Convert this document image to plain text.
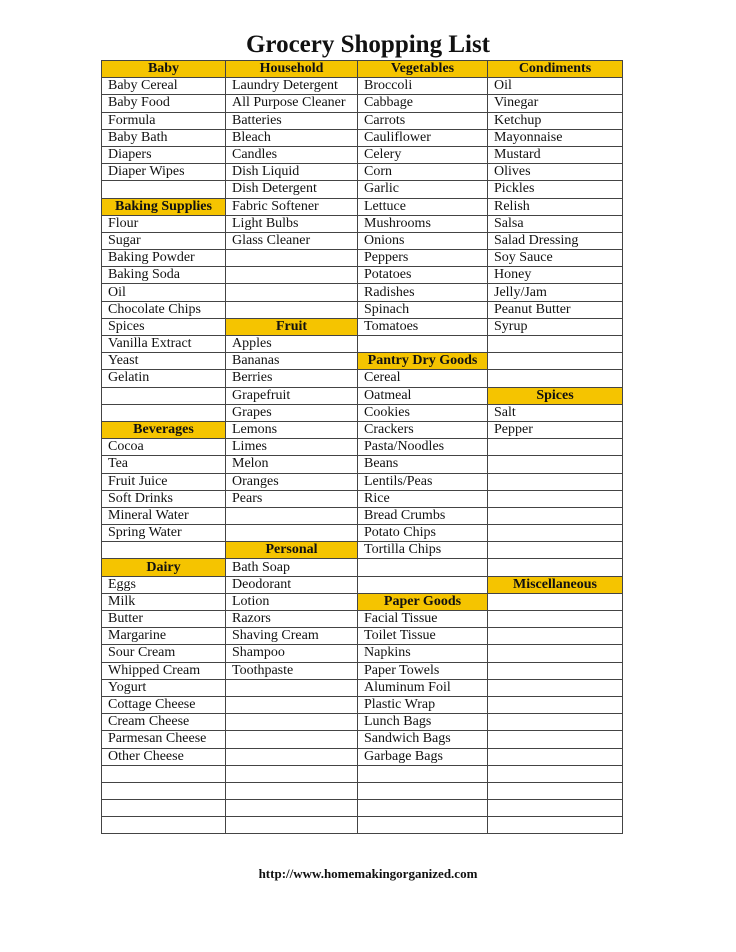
Grocery Shopping List
Baby	Household	Vegetables	Condiments
Baby Cereal	Laundry Detergent	Broccoli	Oil
Baby Food	All Purpose Cleaner	Cabbage	Vinegar
Formula	Batteries	Carrots	Ketchup
Baby Bath	Bleach	Cauliflower	Mayonnaise
Diapers	Candles	Celery	Mustard
Diaper Wipes	Dish Liquid	Corn	Olives
	Dish Detergent	Garlic	Pickles
Baking Supplies	Fabric Softener	Lettuce	Relish
Flour	Light Bulbs	Mushrooms	Salsa
Sugar	Glass Cleaner	Onions	Salad Dressing
Baking Powder		Peppers	Soy Sauce
Baking Soda		Potatoes	Honey
Oil		Radishes	Jelly/Jam
Chocolate Chips		Spinach	Peanut Butter
Spices	Fruit	Tomatoes	Syrup
Vanilla Extract	Apples		
Yeast	Bananas	Pantry Dry Goods	
Gelatin	Berries	Cereal	
	Grapefruit	Oatmeal	Spices
	Grapes	Cookies	Salt
Beverages	Lemons	Crackers	Pepper
Cocoa	Limes	Pasta/Noodles	
Tea	Melon	Beans	
Fruit Juice	Oranges	Lentils/Peas	
Soft Drinks	Pears	Rice	
Mineral Water		Bread Crumbs	
Spring Water		Potato Chips	
	Personal	Tortilla Chips	
Dairy	Bath Soap		
Eggs	Deodorant		Miscellaneous
Milk	Lotion	Paper Goods	
Butter	Razors	Facial Tissue	
Margarine	Shaving Cream	Toilet Tissue	
Sour Cream	Shampoo	Napkins	
Whipped Cream	Toothpaste	Paper Towels	
Yogurt		Aluminum Foil	
Cottage Cheese		Plastic Wrap	
Cream Cheese		Lunch Bags	
Parmesan Cheese		Sandwich Bags	
Other Cheese		Garbage Bags	

http://www.homemakingorganized.com
